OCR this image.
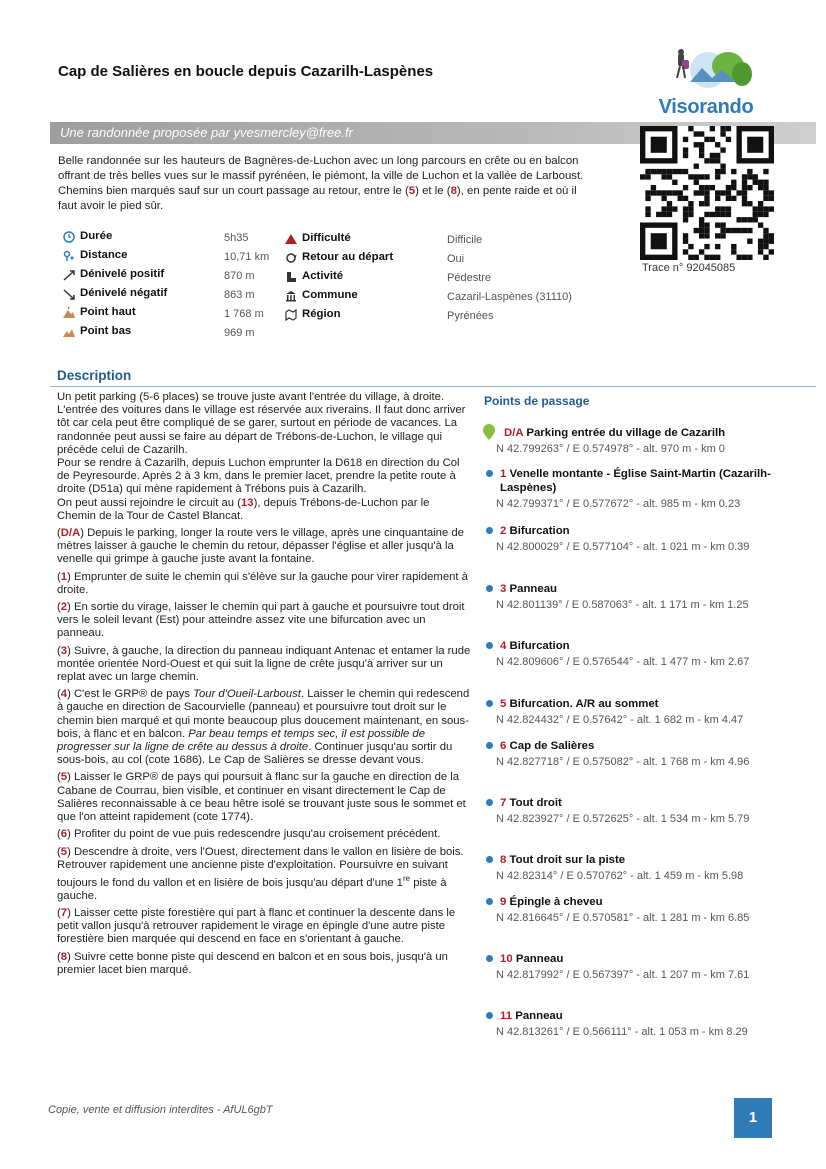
Cap de Salières en boucle depuis Cazarilh-Laspènes
Visorando
Une randonnée proposée par yvesmercley@free.fr
Trace n° 92045085
Belle randonnée sur les hauteurs de Bagnères-de-Luchon avec un long parcours en crête ou en balcon offrant de très belles vues sur le massif pyrénéen, le piémont, la ville de Luchon et la vallée de Larboust. Chemins bien marqués sauf sur un court passage au retour, entre le (5) et le (8), en pente raide et où il faut avoir le pied sûr.
Durée	5h35
Distance	10,71 km
Dénivelé positif	870 m
Dénivelé négatif	863 m
Point haut	1 768 m
Point bas	969 m
Difficulté	Difficile
Retour au départ	Oui
Activité	Pédestre
Commune	Cazaril-Laspènes (31110)
Région	Pyrénées
Description

Un petit parking (5-6 places) se trouve juste avant l'entrée du village, à droite. L'entrée des voitures dans le village est réservée aux riverains. Il faut donc arriver tôt car cela peut être compliqué de se garer, surtout en période de vacances. La randonnée peut aussi se faire au départ de Trébons-de-Luchon, le village qui précède celui de Cazarilh.

Pour se rendre à Cazarilh, depuis Luchon emprunter la D618 en direction du Col de Peyresourde. Après 2 à 3 km, dans le premier lacet, prendre la petite route à droite (D51a) qui mène rapidement à Trébons puis à Cazarilh.

On peut aussi rejoindre le circuit au (13), depuis Trébons-de-Luchon par le Chemin de la Tour de Castel Blancat.

(D/A) Depuis le parking, longer la route vers le village, après une cinquantaine de mètres laisser à gauche le chemin du retour, dépasser l'église et aller jusqu'à la venelle qui grimpe à gauche juste avant la fontaine.

(1) Emprunter de suite le chemin qui s'élève sur la gauche pour virer rapidement à droite.

(2) En sortie du virage, laisser le chemin qui part à gauche et poursuivre tout droit vers le soleil levant (Est) pour atteindre assez vite une bifurcation avec un panneau.

(3) Suivre, à gauche, la direction du panneau indiquant Antenac et entamer la rude montée orientée Nord-Ouest et qui suit la ligne de crête jusqu'à arriver sur un replat avec un large chemin.

(4) C'est le GRP® de pays Tour d'Oueil-Larboust. Laisser le chemin qui redescend à gauche en direction de Sacourvielle (panneau) et poursuivre tout droit sur le chemin bien marqué et qui monte beaucoup plus doucement maintenant, en sous-bois, à flanc et en balcon. Par beau temps et temps sec, il est possible de progresser sur la ligne de crête au dessus à droite. Continuer jusqu'au sortir du sous-bois, au col (cote 1686). Le Cap de Salières se dresse devant vous.

(5) Laisser le GRP® de pays qui poursuit à flanc sur la gauche en direction de la Cabane de Courrau, bien visible, et continuer en visant directement le Cap de Salières reconnaissable à ce beau hêtre isolé se trouvant juste sous le sommet et que l'on atteint rapidement (cote 1774).

(6) Profiter du point de vue puis redescendre jusqu'au croisement précédent.

(5) Descendre à droite, vers l'Ouest, directement dans le vallon en lisière de bois. Retrouver rapidement une ancienne piste d'exploitation. Poursuivre en suivant toujours le fond du vallon et en lisière de bois jusqu'au départ d'une 1re piste à gauche.

(7) Laisser cette piste forestière qui part à flanc et continuer la descente dans le petit vallon jusqu'à retrouver rapidement le virage en épingle d'une autre piste forestière bien marquée qui descend en face en s'orientant à gauche.

(8) Suivre cette bonne piste qui descend en balcon et en sous bois, jusqu'à un premier lacet bien marqué.

Points de passage
D/A Parking entrée du village de Cazarilh
N 42.799263° / E 0.574978° - alt. 970 m - km 0
1 Venelle montante - Église Saint-Martin (Cazarilh-Laspènes)
N 42.799371° / E 0.577672° - alt. 985 m - km 0.23
2 Bifurcation
N 42.800029° / E 0.577104° - alt. 1 021 m - km 0.39
3 Panneau
N 42.801139° / E 0.587063° - alt. 1 171 m - km 1.25
4 Bifurcation
N 42.809606° / E 0.576544° - alt. 1 477 m - km 2.67
5 Bifurcation. A/R au sommet
N 42.824432° / E 0.57642° - alt. 1 682 m - km 4.47
6 Cap de Salières
N 42.827718° / E 0.575082° - alt. 1 768 m - km 4.96
7 Tout droit
N 42.823927° / E 0.572625° - alt. 1 534 m - km 5.79
8 Tout droit sur la piste
N 42.82314° / E 0.570762° - alt. 1 459 m - km 5.98
9 Épingle à cheveu
N 42.816645° / E 0.570581° - alt. 1 281 m - km 6.85
10 Panneau
N 42.817992° / E 0.567397° - alt. 1 207 m - km 7.61
11 Panneau
N 42.813261° / E 0.566111° - alt. 1 053 m - km 8.29
Copie, vente et diffusion interdites - AfUL6gbT	1
